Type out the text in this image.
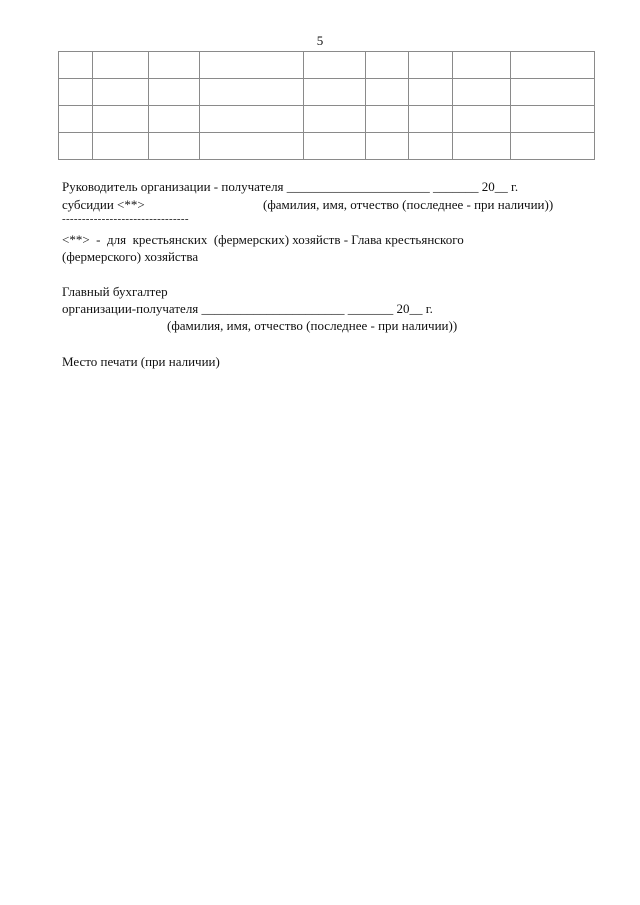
5

Руководитель организации - получателя ______________________ _______ 20__ г.
субсидии <**>	(фамилия, имя, отчество (последнее - при наличии))
--------------------------------
<**>  -  для  крестьянских  (фермерских) хозяйств - Глава крестьянского
(фермерского) хозяйства
Главный бухгалтер
организации-получателя ______________________ _______ 20__ г.
(фамилия, имя, отчество (последнее - при наличии))
Место печати (при наличии)
